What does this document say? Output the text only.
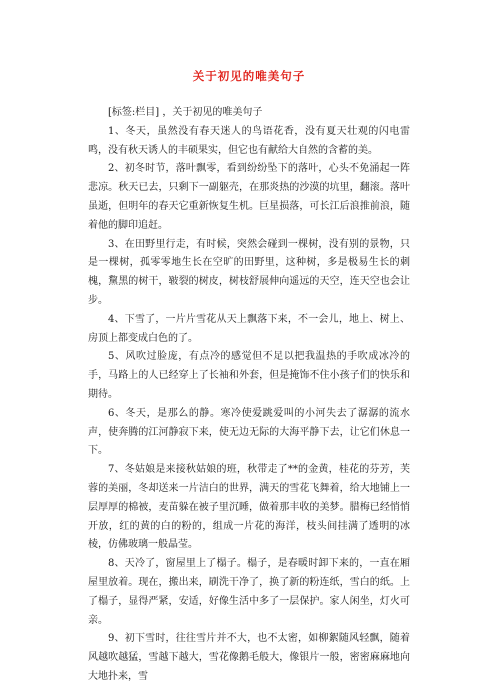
关于初见的唯美句子

[标签:栏目] ，关于初见的唯美句子

1、冬天，虽然没有春天迷人的鸟语花香，没有夏天壮观的闪电雷鸣，没有秋天诱人的丰硕果实，但它也有献给大自然的含蓄的美。

2、初冬时节，落叶飘零，看到纷纷坠下的落叶，心头不免涌起一阵悲凉。秋天已去，只剩下一副躯壳，在那炎热的沙漠的坑里，翻滚。落叶虽逝，但明年的春天它重新恢复生机。巨星损落，可长江后浪推前浪，随着他的脚印追赶。

3、在田野里行走，有时候，突然会碰到一棵树，没有别的景物，只是一棵树，孤零零地生长在空旷的田野里，这种树，多是极易生长的刺槐，黧黑的树干，皲裂的树皮，树枝舒展伸向遥远的天空，连天空也会让步。

4、下雪了，一片片雪花从天上飘落下来，不一会儿，地上、树上、房顶上都变成白色的了。

5、风吹过脸庞，有点冷的感觉但不足以把我温热的手吹成冰冷的手，马路上的人已经穿上了长袖和外套，但是掩饰不住小孩子们的快乐和期待。

6、冬天，是那么的静。寒冷使爱跳爱叫的小河失去了潺潺的流水声，使奔腾的江河静寂下来，使无边无际的大海平静下去，让它们休息一下。

7、冬姑娘是来接秋姑娘的班，秋带走了**的金黄，桂花的芬芳，芙蓉的美丽，冬却送来一片洁白的世界，满天的雪花飞舞着，给大地铺上一层厚厚的棉被，麦苗躲在被子里沉睡，做着那丰收的美梦。腊梅已经悄悄开放，红的黄的白的粉的，组成一片花的海洋，枝头间挂满了透明的冰棱，仿佛玻璃一般晶莹。

8、天冷了，窗屋里上了榻子。榻子，是春暖时卸下来的，一直在厢屋里放着。现在，搬出来，刷洗干净了，换了新的粉连纸，雪白的纸。上了榻子，显得严紧，安适，好像生活中多了一层保护。家人闲坐，灯火可亲。

9、初下雪时，往往雪片并不大，也不太密，如柳絮随风轻飘，随着风越吹越猛，雪越下越大，雪花像鹅毛般大，像银片一般，密密麻麻地向大地扑来，雪
